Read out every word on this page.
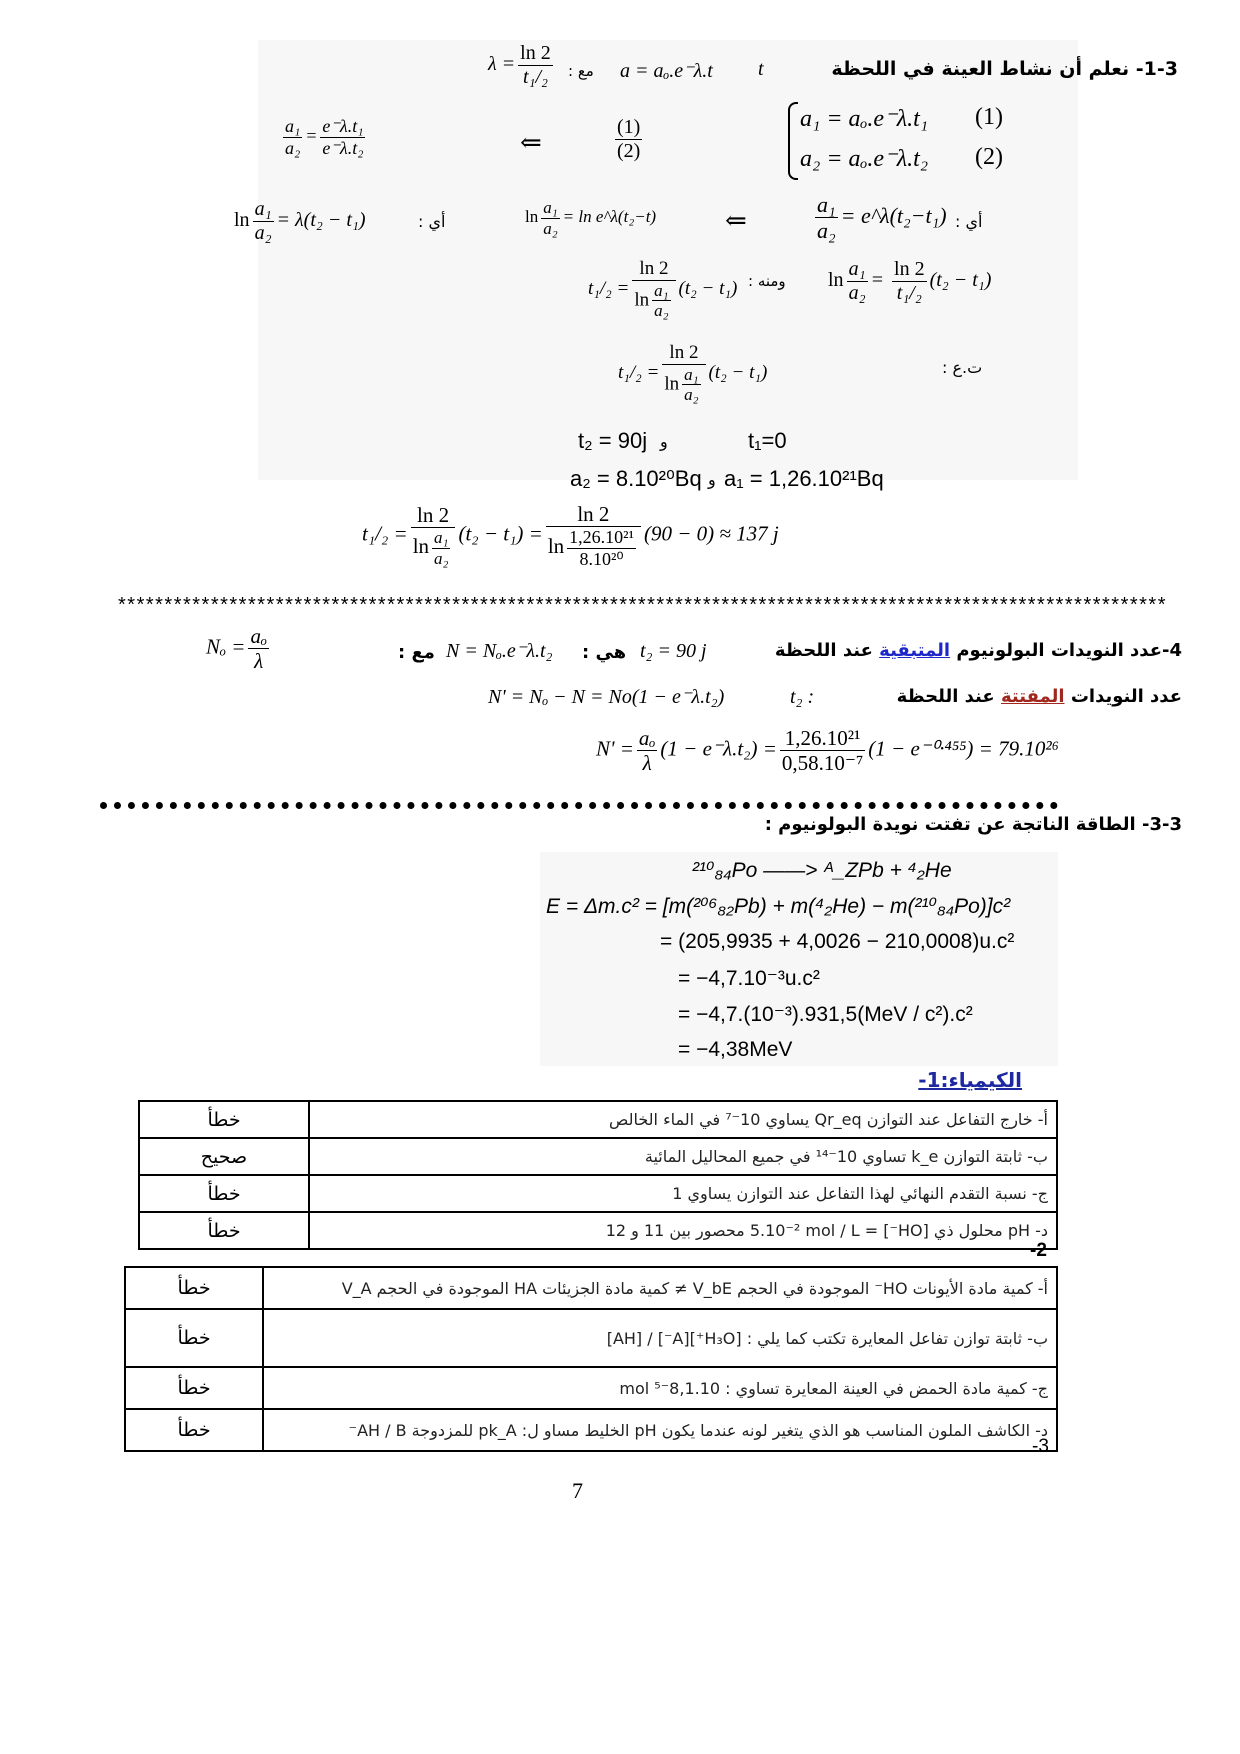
1-3- نعلم أن نشاط العينة في اللحظة
t
a = aₒ.e⁻λ.t
مع :
$\lambda = \frac{\ln 2}{\text{t₁/₂}}$
a₁ = aₒ.e⁻λ.t₁ (1)
a₂ = aₒ.e⁻λ.t₂ (2)
$\frac{(1)}{(2)}$
⇐
$\frac{\text{a₁}}{\text{a₂}} = \frac{\text{e⁻λ.t₁}}{\text{e⁻λ.t₂}}$
أي :
$\frac{\text{a₁}}{\text{a₂}}$ = e^λ(t₂−t₁)
⇐
$\ln \frac{\text{a₁}}{\text{a₂}} = \ln$ e^λ(t₂−t)
أي :
$\ln \frac{\text{a₁}}{\text{a₂}} = \lambda(t_2 - t_1)$
$\ln \frac{\text{a₁}}{\text{a₂}} = \frac{\ln 2}{\text{t₁/₂}} (t_2 - t_1)$
ومنه :
$t_1/_2 = \frac{\ln 2}{\ln \frac{\text{a₁}}{\text{a₂}}} (t_2 - t_1)$
ت.ع :
$t_1/_2 = \frac{\ln 2}{\ln \frac{\text{a₁}}{\text{a₂}}} (t_2 - t_1)$
t₂ = 90j و	t₁=0
a₂ = 8.10²⁰Bq و a₁ = 1,26.10²¹Bq
$t_1/_2 = \frac{\ln 2}{\ln \frac{\text{a₁}}{\text{a₂}}} (t_2 - t_1) = \frac{\ln 2}{\ln \frac{\text{1,26.10²¹}}{\text{8.10²⁰}}} (90 - 0) \approx 137$ j
*****************************************************************************************************************
4-عدد النويدات البولونيوم المتبقية عند اللحظة
t₂ = 90 j
هي :
N = Nₒ.e⁻λ.t₂
مع :
$N_o = \frac{\text{aₒ}}{\lambda}$
عدد النويدات المفتتة عند اللحظة
t₂ :
N' = Nₒ − N = No(1 − e⁻λ.t₂)
$N' = \frac{\text{aₒ}}{\lambda} (1 - e^-\lambda.t_2) = \frac{\text{1,26.10²¹}}{\text{0,58.10⁻⁷}} (1 - e^{-0}\cdot^{455}) = 79.10^{26}$
3-3- الطاقة الناتجة عن تفتت نويدة البولونيوم :
²¹⁰₈₄Po ——> ᴬ_ZPb + ⁴₂He
E = Δm.c² = [m(²⁰⁶₈₂Pb) + m(⁴₂He) − m(²¹⁰₈₄Po)]c²
= (205,9935 + 4,0026 − 210,0008)u.c²
= −4,7.10⁻³u.c²
= −4,7.(10⁻³).931,5(MeV / c²).c²
= −4,38MeV
الكيمياء:1-
خطأ	أ- خارج التفاعل عند التوازن Qr_eq يساوي 10⁻⁷ في الماء الخالص
صحيح	ب- ثابتة التوازن k_e تساوي 10⁻¹⁴ في جميع المحاليل المائية
خطأ	ج- نسبة التقدم النهائي لهذا التفاعل عند التوازن يساوي 1
خطأ	د- pH محلول ذي [HO⁻] = 5.10⁻² mol / L محصور بين 11 و 12
-2
خطأ	أ- كمية مادة الأيونات HO⁻ الموجودة في الحجم V_bE ≠ كمية مادة الجزيئات HA الموجودة في الحجم V_A
خطأ	ب- ثابتة توازن تفاعل المعايرة تكتب كما يلي : [H₃O⁺][A⁻] / [AH]
خطأ	ج- كمية مادة الحمض في العينة المعايرة تساوي : 8,1.10⁻⁵ mol
خطأ	د- الكاشف الملون المناسب هو الذي يتغير لونه عندما يكون pH الخليط مساو ل: pk_A للمزدوجة AH / B⁻
-3
7
